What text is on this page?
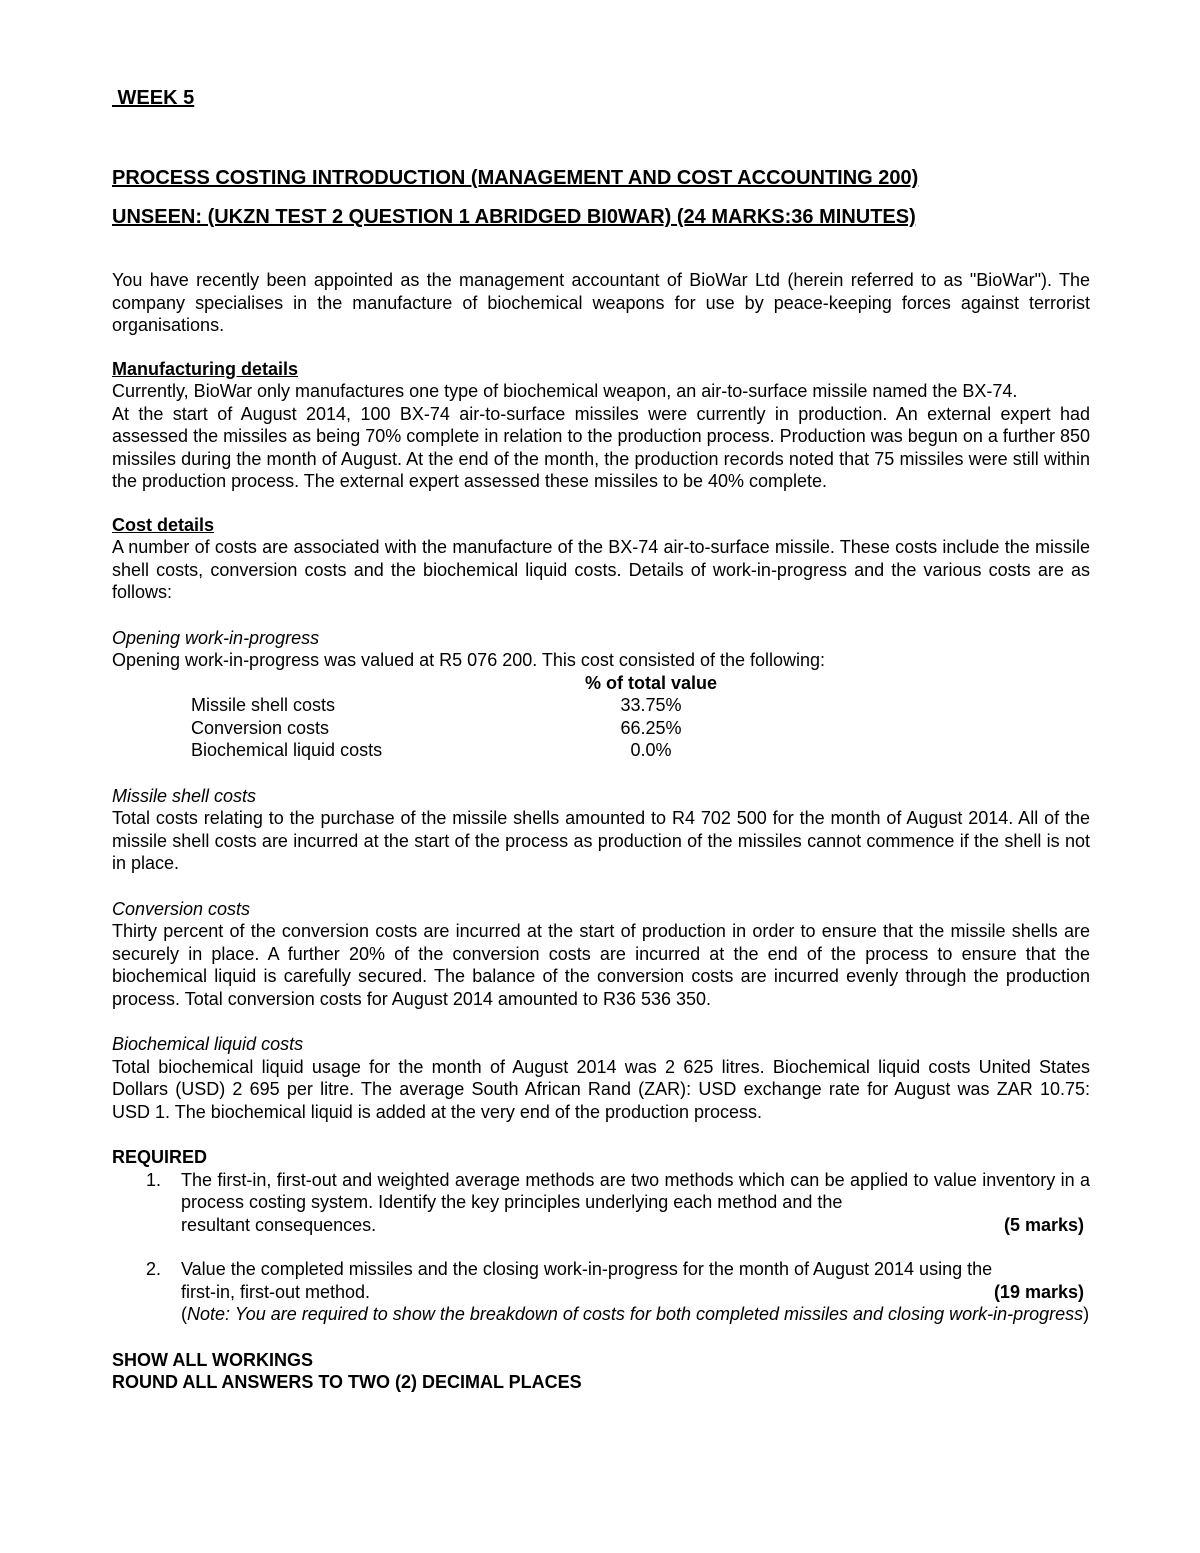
WEEK 5
PROCESS COSTING INTRODUCTION (MANAGEMENT AND COST ACCOUNTING 200)
UNSEEN: (UKZN TEST 2 QUESTION 1 ABRIDGED BI0WAR) (24 MARKS:36 MINUTES)

You have recently been appointed as the management accountant of BioWar Ltd (herein referred to as "BioWar"). The company specialises in the manufacture of biochemical weapons for use by peace-keeping forces against terrorist organisations.

Manufacturing details

Currently, BioWar only manufactures one type of biochemical weapon, an air-to-surface missile named the BX-74.

At the start of August 2014, 100 BX-74 air-to-surface missiles were currently in production. An external expert had assessed the missiles as being 70% complete in relation to the production process. Production was begun on a further 850 missiles during the month of August. At the end of the month, the production records noted that 75 missiles were still within the production process. The external expert assessed these missiles to be 40% complete.

Cost details

A number of costs are associated with the manufacture of the BX-74 air-to-surface missile. These costs include the missile shell costs, conversion costs and the biochemical liquid costs. Details of work-in-progress and the various costs are as follows:

Opening work-in-progress

Opening work-in-progress was valued at R5 076 200. This cost consisted of the following:

% of total value
Missile shell costs	33.75%
Conversion costs	66.25%
Biochemical liquid costs	0.0%
Missile shell costs

Total costs relating to the purchase of the missile shells amounted to R4 702 500 for the month of August 2014. All of the missile shell costs are incurred at the start of the process as production of the missiles cannot commence if the shell is not in place.

Conversion costs

Thirty percent of the conversion costs are incurred at the start of production in order to ensure that the missile shells are securely in place. A further 20% of the conversion costs are incurred at the end of the process to ensure that the biochemical liquid is carefully secured. The balance of the conversion costs are incurred evenly through the production process. Total conversion costs for August 2014 amounted to R36 536 350.

Biochemical liquid costs

Total biochemical liquid usage for the month of August 2014 was 2 625 litres. Biochemical liquid costs United States Dollars (USD) 2 695 per litre. The average South African Rand (ZAR): USD exchange rate for August was ZAR 10.75: USD 1. The biochemical liquid is added at the very end of the production process.

REQUIRED
1.	The first-in, first-out and weighted average methods are two methods which can be applied to value inventory in a process costing system. Identify the key principles underlying each method and the

resultant consequences.	(5 marks)
2.	Value the completed missiles and the closing work-in-progress for the month of August 2014 using the

first-in, first-out method.	(19 marks)

(Note: You are required to show the breakdown of costs for both completed missiles and closing work-in-progress)

SHOW ALL WORKINGS

ROUND ALL ANSWERS TO TWO (2) DECIMAL PLACES
